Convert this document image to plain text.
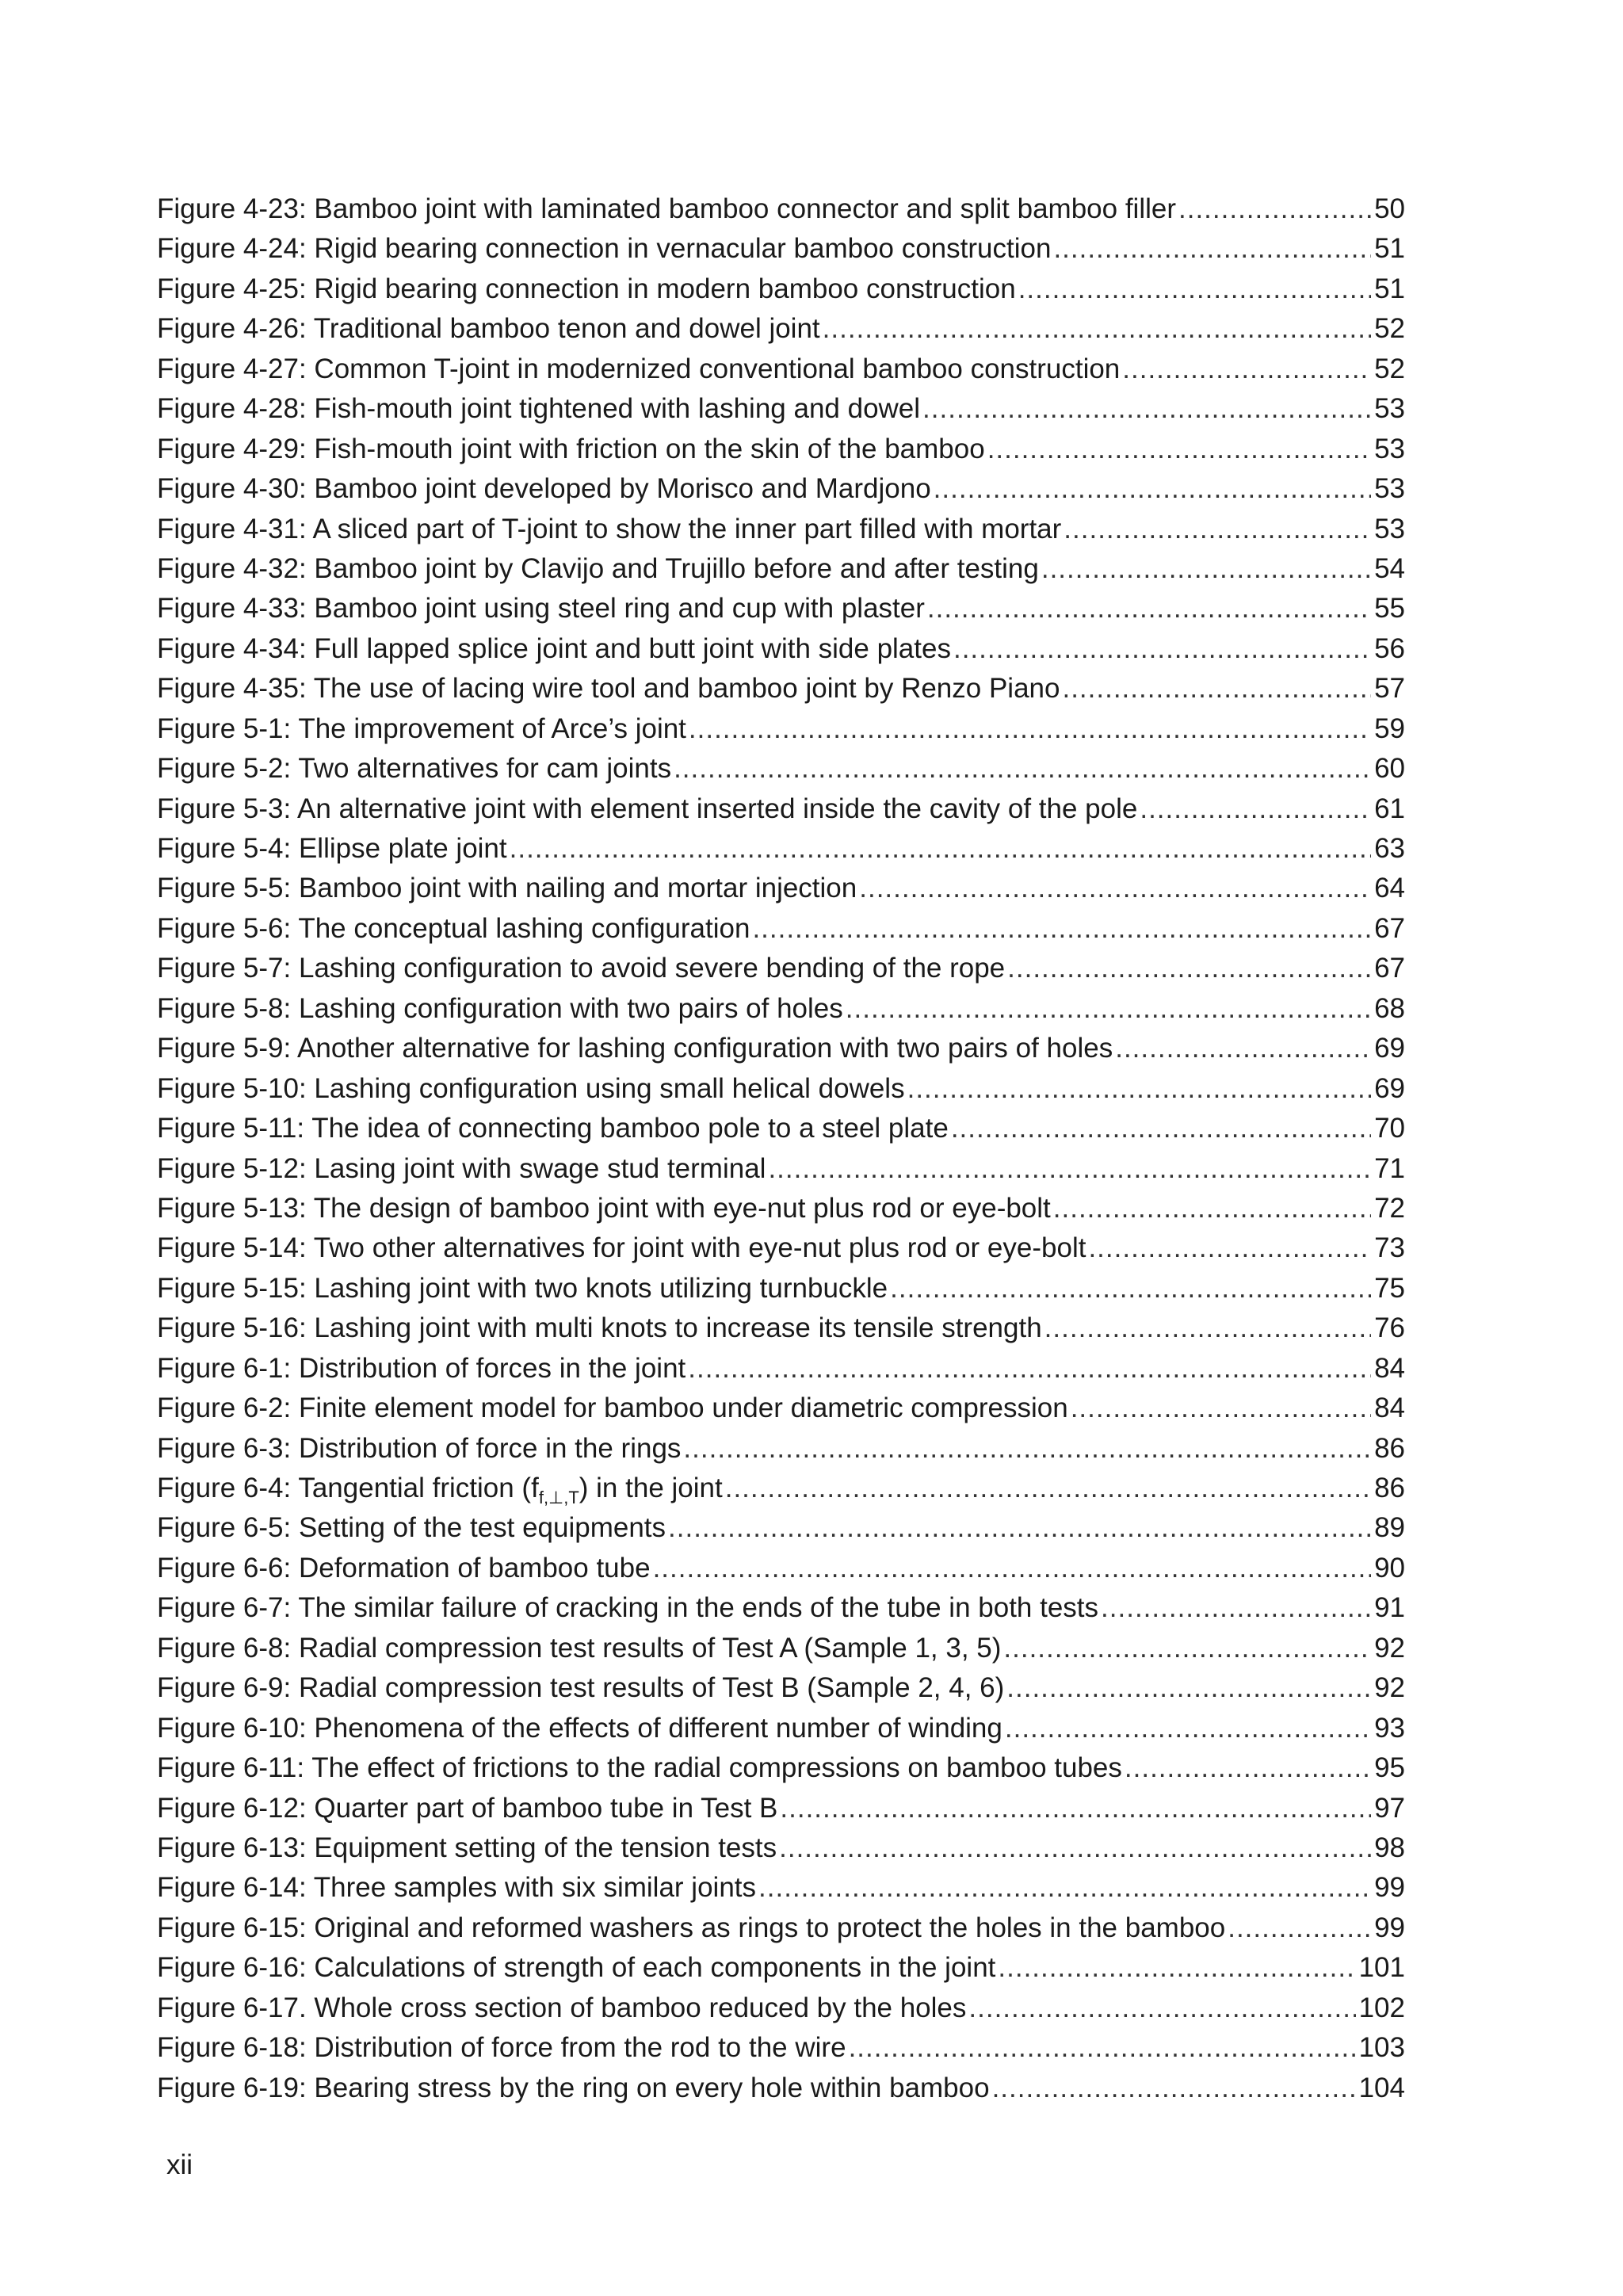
Figure 4-23: Bamboo joint with laminated bamboo connector and split bamboo filler .....	50
Figure 4-24: Rigid bearing connection in vernacular bamboo construction .....	51
Figure 4-25: Rigid bearing connection in modern bamboo construction .....	51
Figure 4-26: Traditional bamboo tenon and dowel joint .....	52
Figure 4-27: Common T-joint in modernized conventional bamboo construction .....	52
Figure 4-28: Fish-mouth joint tightened with lashing and dowel .....	53
Figure 4-29: Fish-mouth joint with friction on the skin of the bamboo .....	53
Figure 4-30: Bamboo joint developed by Morisco and Mardjono .....	53
Figure 4-31: A sliced part of T-joint to show the inner part filled with mortar .....	53
Figure 4-32: Bamboo joint by Clavijo and Trujillo before and after testing .....	54
Figure 4-33: Bamboo joint using steel ring and cup with plaster .....	55
Figure 4-34: Full lapped splice joint and butt joint with side plates .....	56
Figure 4-35: The use of lacing wire tool and bamboo joint by Renzo Piano .....	57
Figure 5-1: The improvement of Arce’s joint .....	59
Figure 5-2: Two alternatives for cam joints .....	60
Figure 5-3: An alternative joint with element inserted inside the cavity of the pole .....	61
Figure 5-4: Ellipse plate joint .....	63
Figure 5-5: Bamboo joint with nailing and mortar injection .....	64
Figure 5-6: The conceptual lashing configuration .....	67
Figure 5-7: Lashing configuration to avoid severe bending of the rope .....	67
Figure 5-8: Lashing configuration with two pairs of holes .....	68
Figure 5-9: Another alternative for lashing configuration with two pairs of holes .....	69
Figure 5-10: Lashing configuration using small helical dowels .....	69
Figure 5-11: The idea of connecting bamboo pole to a steel plate .....	70
Figure 5-12: Lasing joint with swage stud terminal .....	71
Figure 5-13: The design of bamboo joint with eye-nut plus rod or eye-bolt .....	72
Figure 5-14: Two other alternatives for joint with eye-nut plus rod or eye-bolt .....	73
Figure 5-15: Lashing joint with two knots utilizing turnbuckle .....	75
Figure 5-16: Lashing joint with multi knots to increase its tensile strength .....	76
Figure 6-1: Distribution of forces in the joint .....	84
Figure 6-2: Finite element model for bamboo under diametric compression .....	84
Figure 6-3: Distribution of force in the rings .....	86
Figure 6-4: Tangential friction $(f_{f,\perp,T})$ in the joint .....	86
Figure 6-5: Setting of the test equipments .....	89
Figure 6-6: Deformation of bamboo tube .....	90
Figure 6-7: The similar failure of cracking in the ends of the tube in both tests .....	91
Figure 6-8: Radial compression test results of Test A (Sample 1, 3, 5) .....	92
Figure 6-9: Radial compression test results of Test B (Sample 2, 4, 6) .....	92
Figure 6-10: Phenomena of the effects of different number of winding .....	93
Figure 6-11: The effect of frictions to the radial compressions on bamboo tubes .....	95
Figure 6-12: Quarter part of bamboo tube in Test B .....	97
Figure 6-13: Equipment setting of the tension tests .....	98
Figure 6-14: Three samples with six similar joints .....	99
Figure 6-15: Original and reformed washers as rings to protect the holes in the bamboo .....	99
Figure 6-16: Calculations of strength of each components in the joint .....	101
Figure 6-17. Whole cross section of bamboo reduced by the holes .....	102
Figure 6-18: Distribution of force from the rod to the wire .....	103
Figure 6-19: Bearing stress by the ring on every hole within bamboo .....	104
xii
